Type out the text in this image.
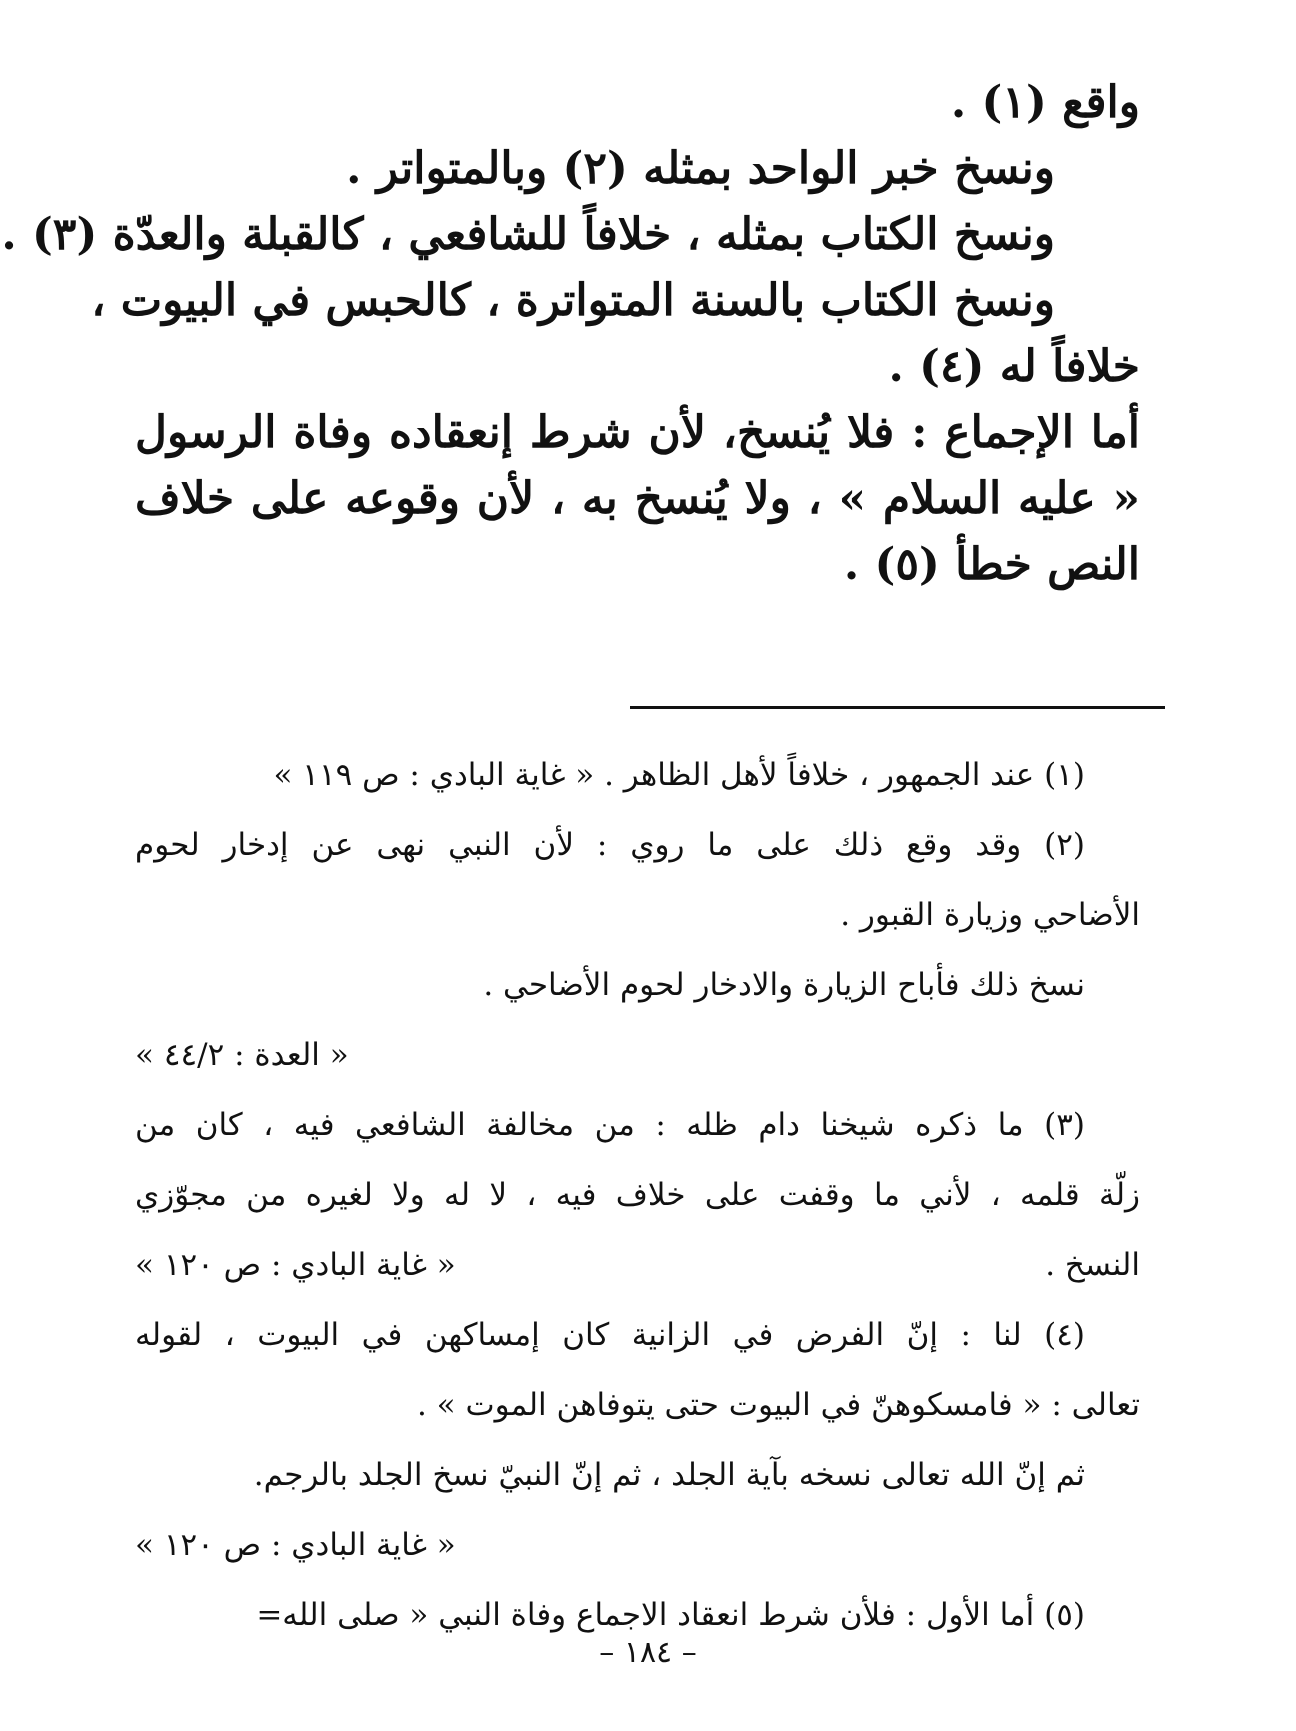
واقع (١) .
ونسخ خبر الواحد بمثله (٢) وبالمتواتر .
ونسخ الكتاب بمثله ، خلافاً للشافعي ، كالقبلة والعدّة (٣) .
ونسخ الكتاب بالسنة المتواترة ، كالحبس في البيوت ،
خلافاً له (٤) .
أما الإجماع : فلا يُنسخ، لأن شرط إنعقاده وفاة الرسول
« عليه السلام » ، ولا يُنسخ به ، لأن وقوعه على خلاف
النص خطأ (٥) .
(١) عند الجمهور ، خلافاً لأهل الظاهر . « غاية البادي : ص ١١٩ »
(٢) وقد وقع ذلك على ما روي : لأن النبي نهى عن إدخار لحوم
الأضاحي وزيارة القبور .
نسخ ذلك فأباح الزيارة والادخار لحوم الأضاحي .
« العدة : ٤٤/٢ »
(٣) ما ذكره شيخنا دام ظله : من مخالفة الشافعي فيه ، كان من
زلّة قلمه ، لأني ما وقفت على خلاف فيه ، لا له ولا لغيره من مجوّزي
النسخ .
« غاية البادي : ص ١٢٠ »
(٤) لنا : إنّ الفرض في الزانية كان إمساكهن في البيوت ، لقوله
تعالى : « فامسكوهنّ في البيوت حتى يتوفاهن الموت » .
ثم إنّ الله تعالى نسخه بآية الجلد ، ثم إنّ النبيّ نسخ الجلد بالرجم.
« غاية البادي : ص ١٢٠ »
(٥) أما الأول : فلأن شرط انعقاد الاجماع وفاة النبي « صلى الله=
– ١٨٤ –
